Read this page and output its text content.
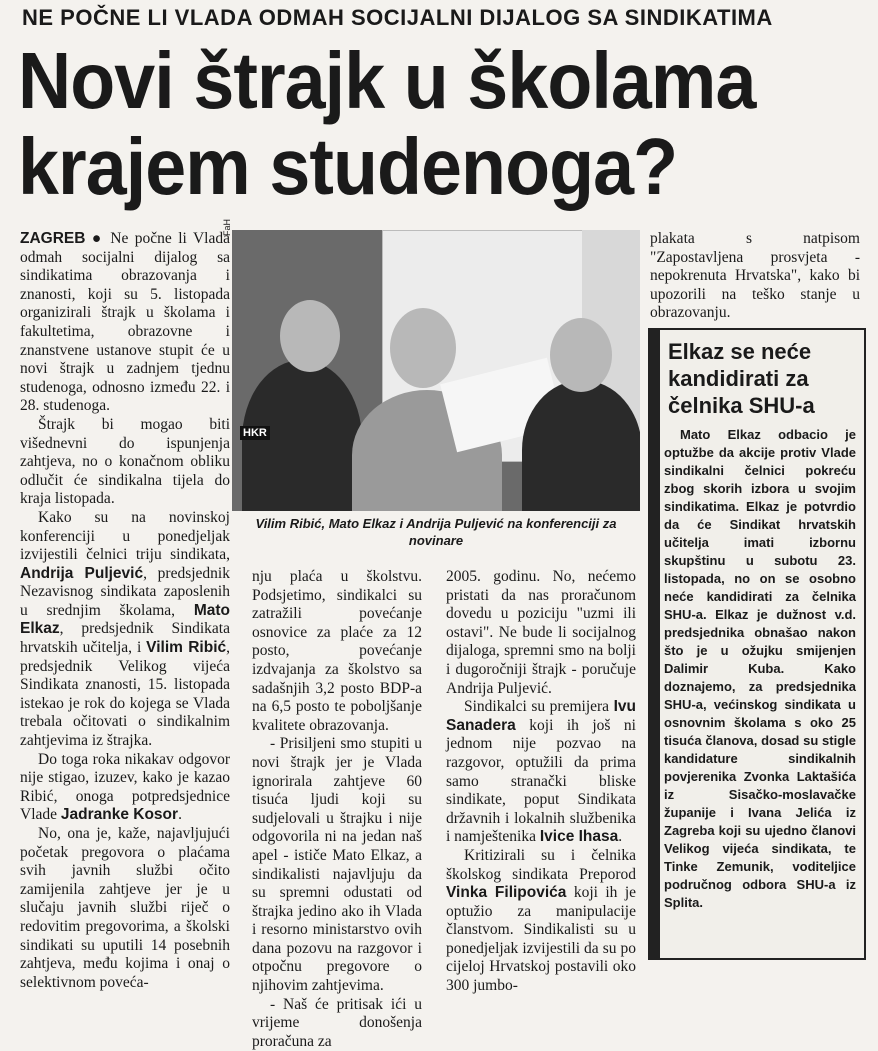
NE POČNE LI VLADA ODMAH SOCIJALNI DIJALOG SA SINDIKATIMA
Novi štrajk u školama
krajem studenoga?

ZAGREB ● Ne počne li Vlada odmah socijalni dijalog sa sindikatima obrazovanja i znanosti, koji su 5. listopada organizirali štrajk u školama i fakultetima, obrazovne i znanstvene ustanove stupit će u novi štrajk u zadnjem tjednu studenoga, odnosno između 22. i 28. studenoga.

Štrajk bi mogao biti višednevni do ispunjenja zahtjeva, no o konačnom obliku odlučit će sindikalna tijela do kraja listopada.

Kako su na novinskoj konferenciji u ponedjeljak izvijestili čelnici triju sindikata, Andrija Puljević, predsjednik Nezavisnog sindikata zaposlenih u srednjim školama, Mato Elkaz, predsjednik Sindikata hrvatskih učitelja, i Vilim Ribić, predsjednik Velikog vijeća Sindikata znanosti, 15. listopada istekao je rok do kojega se Vlada trebala očitovati o sindikalnim zahtjevima iz štrajka.

Do toga roka nikakav odgovor nije stigao, izuzev, kako je kazao Ribić, onoga potpredsjednice Vlade Jadranke Kosor.

No, ona je, kaže, najavljujući početak pregovora o plaćama svih javnih službi očito zamijenila zahtjeve jer je u slučaju javnih službi riječ o redovitim pregovorima, a školski sindikati su uputili 14 posebnih zahtjeva, među kojima i onaj o selektivnom poveća-

HKR
FaH
Vilim Ribić, Mato Elkaz i Andrija Puljević na konferenciji za novinare

nju plaća u školstvu. Podsjetimo, sindikalci su zatražili povećanje osnovice za plaće za 12 posto, povećanje izdvajanja za školstvo sa sadašnjih 3,2 posto BDP-a na 6,5 posto te poboljšanje kvalitete obrazovanja.

- Prisiljeni smo stupiti u novi štrajk jer je Vlada ignorirala zahtjeve 60 tisuća ljudi koji su sudjelovali u štrajku i nije odgovorila ni na jedan naš apel - ističe Mato Elkaz, a sindikalisti najavljuju da su spremni odustati od štrajka jedino ako ih Vlada i resorno ministarstvo ovih dana pozovu na razgovor i otpočnu pregovore o njihovim zahtjevima.

- Naš će pritisak ići u vrijeme donošenja proračuna za

2005. godinu. No, nećemo pristati da nas proračunom dovedu u poziciju "uzmi ili ostavi". Ne bude li socijalnog dijaloga, spremni smo na bolji i dugoročniji štrajk - poručuje Andrija Puljević.

Sindikalci su premijera Ivu Sanadera koji ih još ni jednom nije pozvao na razgovor, optužili da prima samo stranački bliske sindikate, poput Sindikata državnih i lokalnih službenika i namještenika Ivice Ihasa.

Kritizirali su i čelnika školskog sindikata Preporod Vinka Filipovića koji ih je optužio za manipulacije članstvom. Sindikalisti su u ponedjeljak izvijestili da su po cijeloj Hrvatskoj postavili oko 300 jumbo-

plakata s natpisom "Zapostavljena prosvjeta - nepokrenuta Hrvatska", kako bi upozorili na teško stanje u obrazovanju.

Elkaz se neće kandidirati za čelnika SHU-a
Mato Elkaz odbacio je optužbe da akcije protiv Vlade sindikalni čelnici pokreću zbog skorih izbora u svojim sindikatima. Elkaz je potvrdio da će Sindikat hrvatskih učitelja imati izbornu skupštinu u subotu 23. listopada, no on se osobno neće kandidirati za čelnika SHU-a. Elkaz je dužnost v.d. predsjednika obnašao nakon što je u ožujku smijenjen Dalimir Kuba. Kako doznajemo, za predsjednika SHU-a, većinskog sindikata u osnovnim školama s oko 25 tisuća članova, dosad su stigle kandidature sindikalnih povjerenika Zvonka Laktašića iz Sisačko-moslavačke županije i Ivana Jelića iz Zagreba koji su ujedno članovi Velikog vijeća sindikata, te Tinke Zemunik, voditeljice područnog odbora SHU-a iz Splita.
